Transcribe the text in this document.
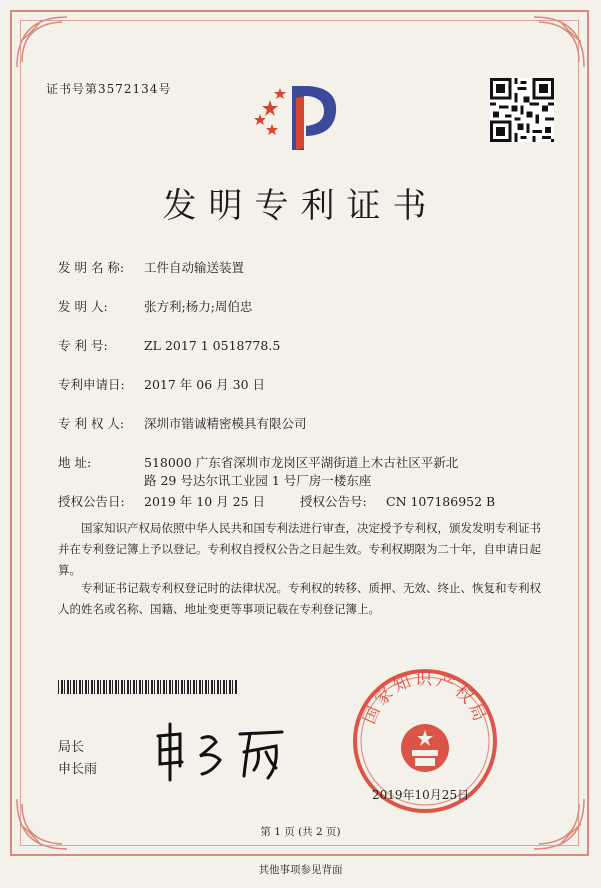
证书号第3572134号
发明专利证书
发 明 名 称: 工件自动输送装置
发 明 人:	张方利;杨力;周伯忠
专 利 号:	ZL 2017 1 0518778.5
专利申请日: 2017 年 06 月 30 日
专 利 权 人: 深圳市锴诚精密模具有限公司
地 址:	518000 广东省深圳市龙岗区平湖街道上木古社区平新北
路 29 号达尔讯工业园 1 号厂房一楼东座
授权公告日: 2019 年 10 月 25 日	授权公告号: CN 107186952 B
国家知识产权局依照中华人民共和国专利法进行审查，决定授予专利权，颁发发明专利证书并在专利登记簿上予以登记。专利权自授权公告之日起生效。专利权期限为二十年，自申请日起算。
专利证书记载专利权登记时的法律状况。专利权的转移、质押、无效、终止、恢复和专利权人的姓名或名称、国籍、地址变更等事项记载在专利登记簿上。
局长
申长雨
国家知识产权局
2019年10月25日
第 1 页 (共 2 页)
其他事项参见背面
